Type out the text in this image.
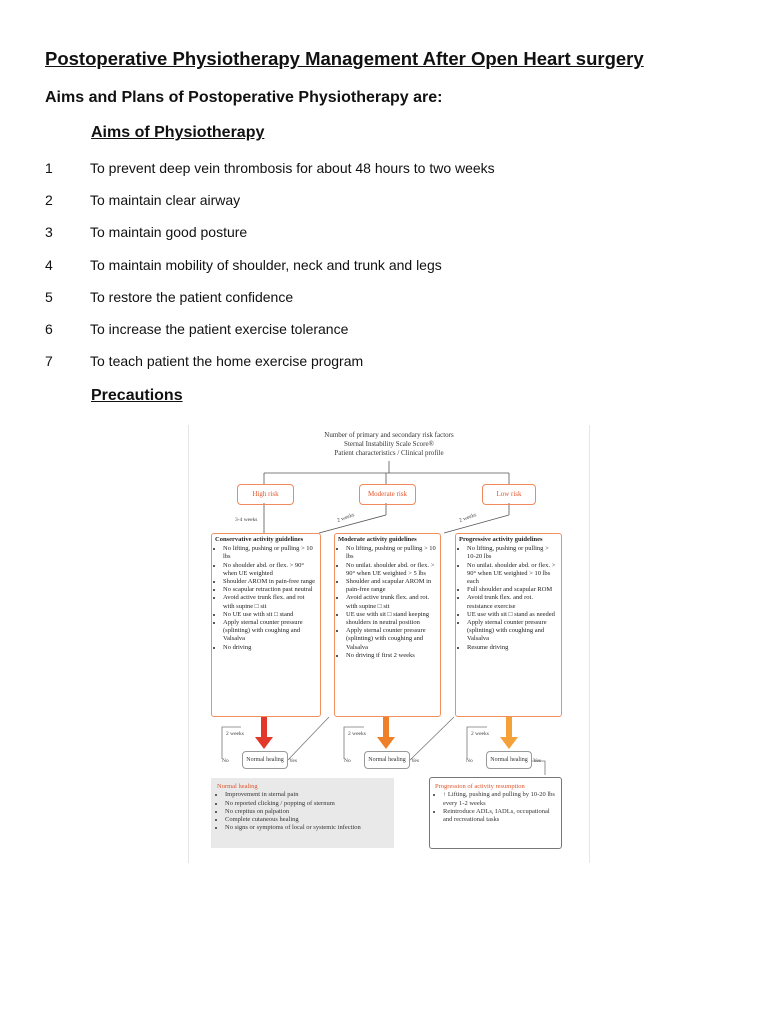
Postoperative Physiotherapy Management After Open Heart surgery
Aims and Plans of Postoperative Physiotherapy are:
Aims of Physiotherapy
1	To prevent deep vein thrombosis for about 48 hours to two weeks
2	To maintain clear airway
3	To maintain good posture
4	To maintain mobility of shoulder, neck and trunk and legs
5	To restore the patient confidence
6	To increase the patient exercise tolerance
7	To teach patient the home exercise program
Precautions
Number of primary and secondary risk factors
Sternal Instability Scale Score®
Patient characteristics / Clinical profile
High risk	Moderate risk	Low risk
3-4 weeks	2 weeks	2 weeks
Conservative activity guidelines
• No lifting, pushing or pulling > 10 lbs
• No shoulder abd. or flex. > 90° when UE weighted
• Shoulder AROM in pain-free range
• No scapular retraction past neutral
• Avoid active trunk flex. and rot with supine □ sit
• No UE use with sit □ stand
• Apply sternal counter pressure (splinting) with coughing and Valsalva
• No driving
Moderate activity guidelines
• No lifting, pushing or pulling > 10 lbs
• No unilat. shoulder abd. or flex. > 90° when UE weighted > 5 lbs
• Shoulder and scapular AROM in pain-free range
• Avoid active trunk flex. and rot. with supine □ sit
• UE use with sit □ stand keeping shoulders in neutral position
• Apply sternal counter pressure (splinting) with coughing and Valsalva
• No driving if first 2 weeks
Progressive activity guidelines
• No lifting, pushing or pulling > 10-20 lbs
• No unilat. shoulder abd. or flex. > 90° when UE weighted > 10 lbs each
• Full shoulder and scapular ROM
• Avoid trunk flex. and rot. resistance exercise
• UE use with sit □ stand as needed
• Apply sternal counter pressure (splinting) with coughing and Valsalva
• Resume driving
2 weeks	2 weeks	2 weeks
Normal healing	Normal healing	Normal healing
No	Yes	No	Yes	No	Yes
Normal healing
• Improvement in sternal pain
• No reported clicking / popping of sternum
• No crepitus on palpation
• Complete cutaneous healing
• No signs or symptoms of local or systemic infection
Progression of activity resumption
• ↑ Lifting, pushing and pulling by 10-20 lbs every 1-2 weeks
• Reintroduce ADLs, IADLs, occupational and recreational tasks
